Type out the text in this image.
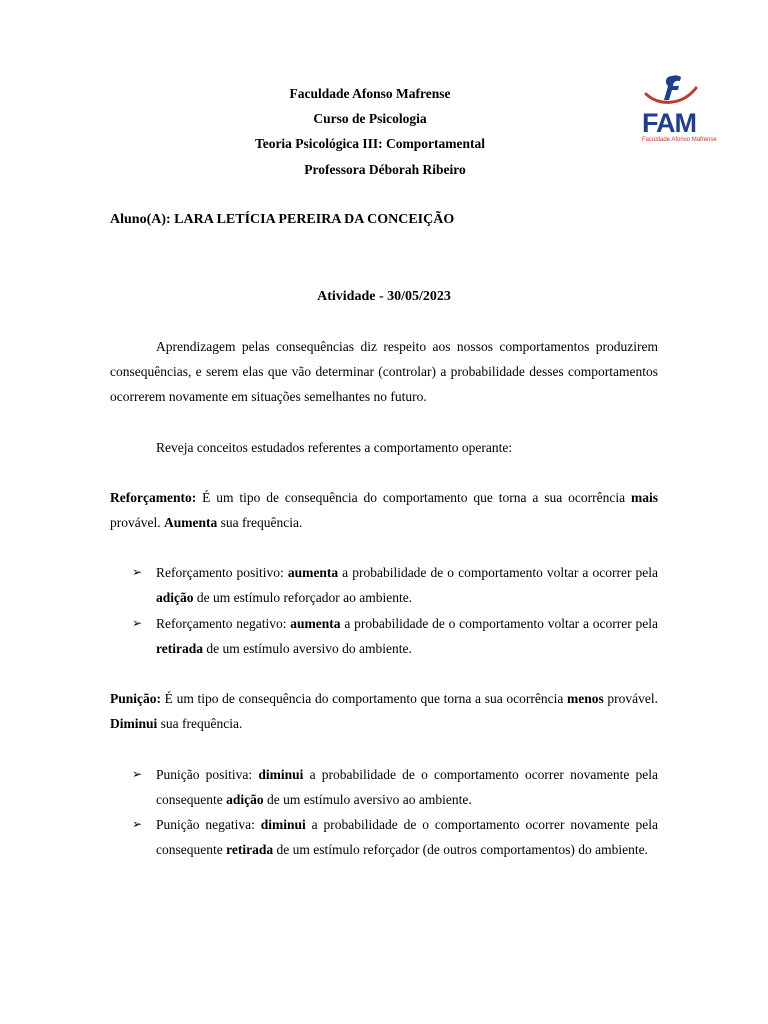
Faculdade Afonso Mafrense
Curso de Psicologia
Teoria Psicológica III: Comportamental
Professora Déborah Ribeiro
FAM
Faculdade Afonso Mafrense
Aluno(A): LARA LETÍCIA PEREIRA DA CONCEIÇÃO
Atividade - 30/05/2023
Aprendizagem pelas consequências diz respeito aos nossos comportamentos produzirem consequências, e serem elas que vão determinar (controlar) a probabilidade desses comportamentos ocorrerem novamente em situações semelhantes no futuro.
Reveja conceitos estudados referentes a comportamento operante:
Reforçamento: É um tipo de consequência do comportamento que torna a sua ocorrência mais provável. Aumenta sua frequência.
➢ Reforçamento positivo: aumenta a probabilidade de o comportamento voltar a ocorrer pela adição de um estímulo reforçador ao ambiente.
➢ Reforçamento negativo: aumenta a probabilidade de o comportamento voltar a ocorrer pela retirada de um estímulo aversivo do ambiente.
Punição: É um tipo de consequência do comportamento que torna a sua ocorrência menos provável. Diminui sua frequência.
➢ Punição positiva: diminui a probabilidade de o comportamento ocorrer novamente pela consequente adição de um estímulo aversivo ao ambiente.
➢ Punição negativa: diminui a probabilidade de o comportamento ocorrer novamente pela consequente retirada de um estímulo reforçador (de outros comportamentos) do ambiente.
